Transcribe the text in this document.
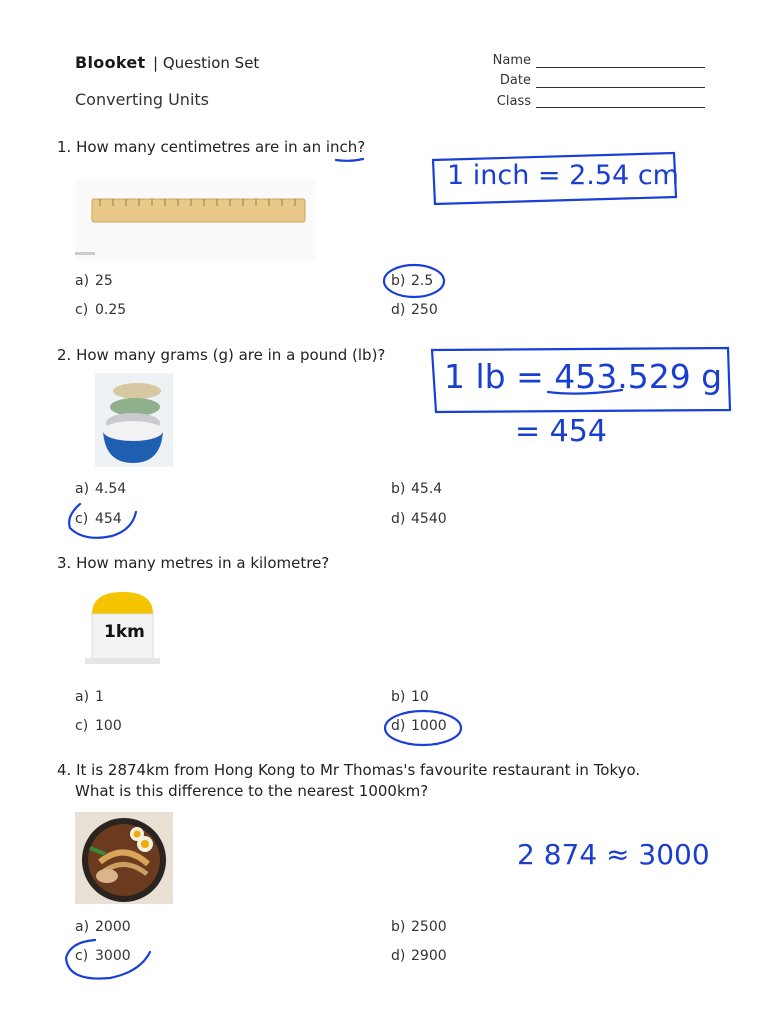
Blooket | Question Set
Converting Units
Name
Date
Class
1. How many centimetres are in an inch?
a) 25	b) 2.5
c) 0.25	d) 250
2. How many grams (g) are in a pound (lb)?
a) 4.54	b) 45.4
c) 454	d) 4540
3. How many metres in a kilometre?
1km
a) 1	b) 10
c) 100	d) 1000
4. It is 2874km from Hong Kong to Mr Thomas's favourite restaurant in Tokyo.
What is this difference to the nearest 1000km?
a) 2000	b) 2500
c) 3000	d) 2900
1 inch = 2.54 cm
1 lb = 453.529 g
= 454
2 874 ≈ 3000
